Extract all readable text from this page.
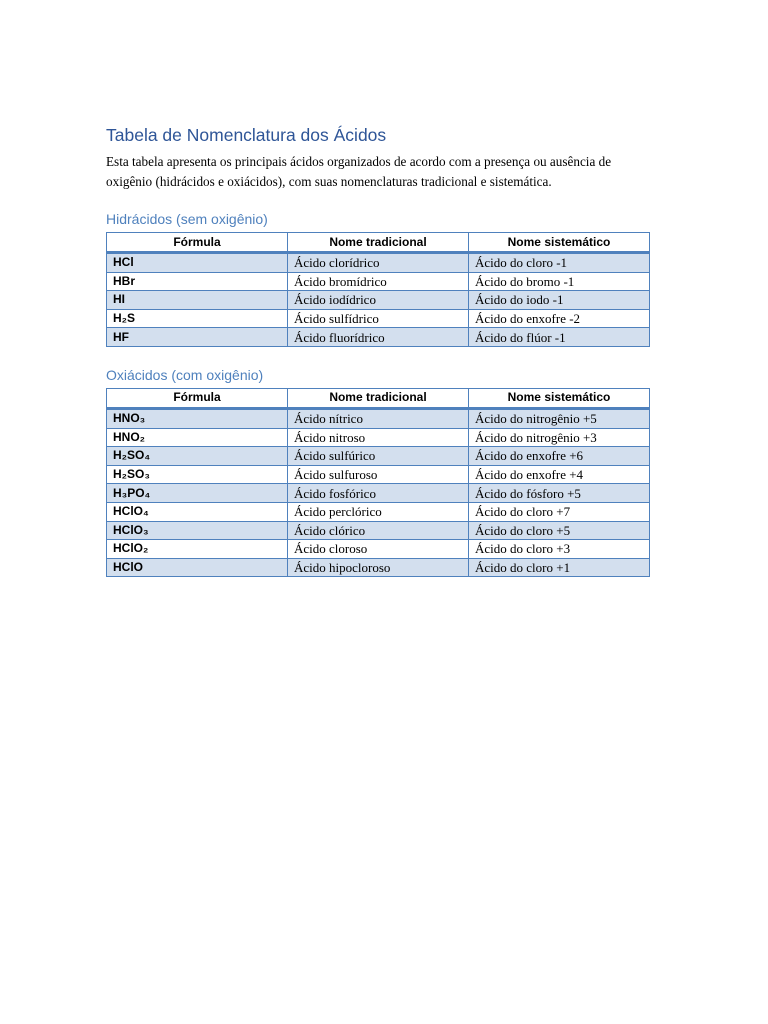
Tabela de Nomenclatura dos Ácidos

Esta tabela apresenta os principais ácidos organizados de acordo com a presença ou ausência de oxigênio (hidrácidos e oxiácidos), com suas nomenclaturas tradicional e sistemática.

Hidrácidos (sem oxigênio)
Fórmula	Nome tradicional	Nome sistemático
HCl	Ácido clorídrico	Ácido do cloro -1
HBr	Ácido bromídrico	Ácido do bromo -1
HI	Ácido iodídrico	Ácido do iodo -1
H₂S	Ácido sulfídrico	Ácido do enxofre -2
HF	Ácido fluorídrico	Ácido do flúor -1
Oxiácidos (com oxigênio)
Fórmula	Nome tradicional	Nome sistemático
HNO₃	Ácido nítrico	Ácido do nitrogênio +5
HNO₂	Ácido nitroso	Ácido do nitrogênio +3
H₂SO₄	Ácido sulfúrico	Ácido do enxofre +6
H₂SO₃	Ácido sulfuroso	Ácido do enxofre +4
H₃PO₄	Ácido fosfórico	Ácido do fósforo +5
HClO₄	Ácido perclórico	Ácido do cloro +7
HClO₃	Ácido clórico	Ácido do cloro +5
HClO₂	Ácido cloroso	Ácido do cloro +3
HClO	Ácido hipocloroso	Ácido do cloro +1
